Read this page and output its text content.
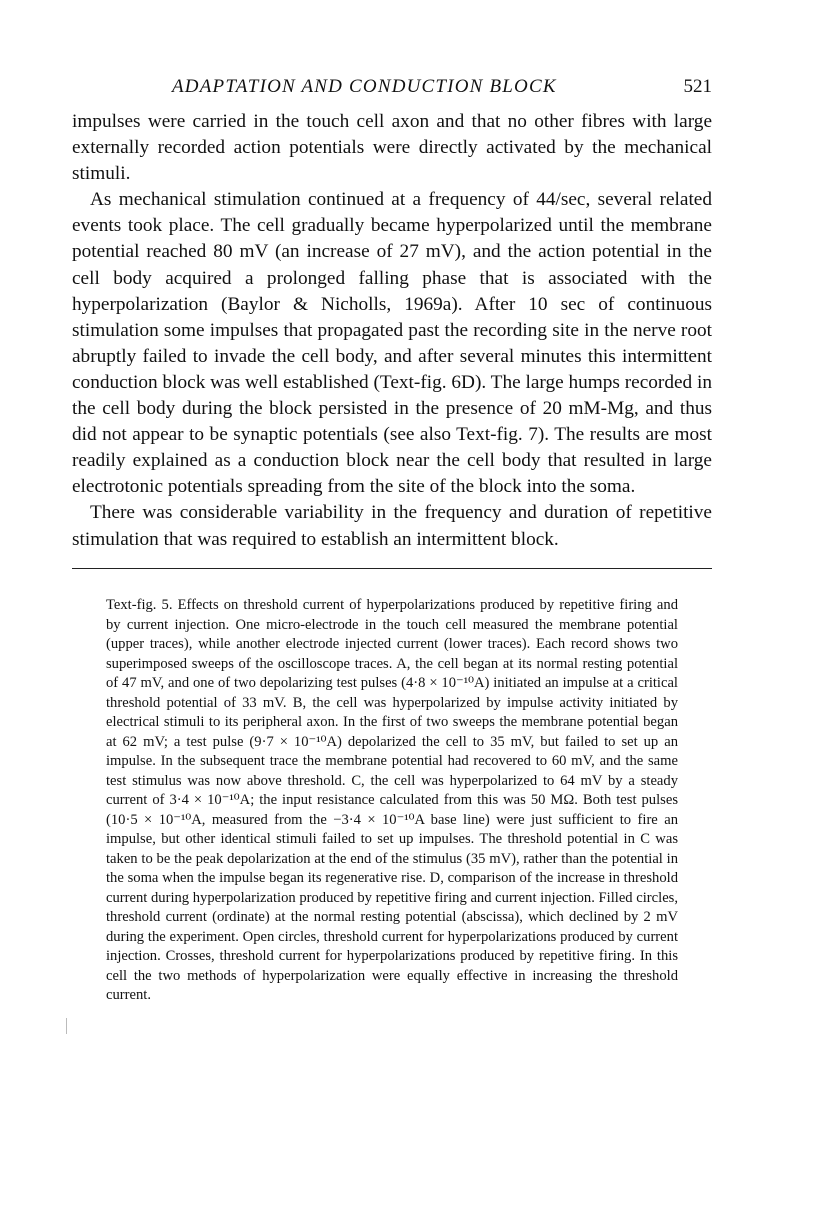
ADAPTATION AND CONDUCTION BLOCK	521

impulses were carried in the touch cell axon and that no other fibres with large externally recorded action potentials were directly activated by the mechanical stimuli.

As mechanical stimulation continued at a frequency of 44/sec, several related events took place. The cell gradually became hyperpolarized until the membrane potential reached 80 mV (an increase of 27 mV), and the action potential in the cell body acquired a prolonged falling phase that is associated with the hyperpolarization (Baylor & Nicholls, 1969a). After 10 sec of continuous stimulation some impulses that propagated past the recording site in the nerve root abruptly failed to invade the cell body, and after several minutes this intermittent conduction block was well established (Text-fig. 6D). The large humps recorded in the cell body during the block persisted in the presence of 20 mM-Mg, and thus did not appear to be synaptic potentials (see also Text-fig. 7). The results are most readily explained as a conduction block near the cell body that resulted in large electrotonic potentials spreading from the site of the block into the soma.

There was considerable variability in the frequency and duration of repetitive stimulation that was required to establish an intermittent block.

Text-fig. 5. Effects on threshold current of hyperpolarizations produced by repetitive firing and by current injection. One micro-electrode in the touch cell measured the membrane potential (upper traces), while another electrode injected current (lower traces). Each record shows two superimposed sweeps of the oscilloscope traces. A, the cell began at its normal resting potential of 47 mV, and one of two depolarizing test pulses (4·8 × 10⁻¹⁰A) initiated an impulse at a critical threshold potential of 33 mV. B, the cell was hyperpolarized by impulse activity initiated by electrical stimuli to its peripheral axon. In the first of two sweeps the membrane potential began at 62 mV; a test pulse (9·7 × 10⁻¹⁰A) depolarized the cell to 35 mV, but failed to set up an impulse. In the subsequent trace the membrane potential had recovered to 60 mV, and the same test stimulus was now above threshold. C, the cell was hyperpolarized to 64 mV by a steady current of 3·4 × 10⁻¹⁰A; the input resistance calculated from this was 50 MΩ. Both test pulses (10·5 × 10⁻¹⁰A, measured from the −3·4 × 10⁻¹⁰A base line) were just sufficient to fire an impulse, but other identical stimuli failed to set up impulses. The threshold potential in C was taken to be the peak depolarization at the end of the stimulus (35 mV), rather than the potential in the soma when the impulse began its regenerative rise. D, comparison of the increase in threshold current during hyperpolarization produced by repetitive firing and current injection. Filled circles, threshold current (ordinate) at the normal resting potential (abscissa), which declined by 2 mV during the experiment. Open circles, threshold current for hyperpolarizations produced by current injection. Crosses, threshold current for hyperpolarizations produced by repetitive firing. In this cell the two methods of hyperpolarization were equally effective in increasing the threshold current.
